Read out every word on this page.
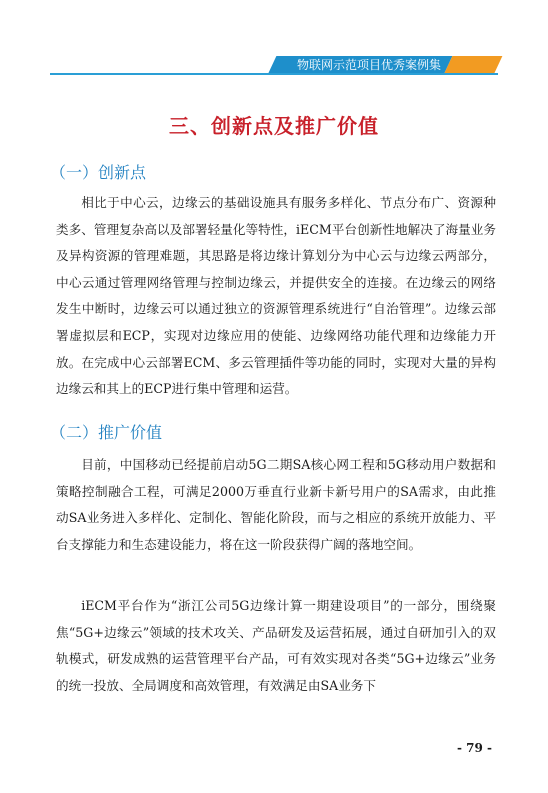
物联网示范项目优秀案例集
三、创新点及推广价值
（一）创新点

相比于中心云，边缘云的基础设施具有服务多样化、节点分布广、资源种类多、管理复杂高以及部署轻量化等特性，iECM平台创新性地解决了海量业务及异构资源的管理难题，其思路是将边缘计算划分为中心云与边缘云两部分，中心云通过管理网络管理与控制边缘云，并提供安全的连接。在边缘云的网络发生中断时，边缘云可以通过独立的资源管理系统进行“自治管理”。边缘云部署虚拟层和ECP，实现对边缘应用的使能、边缘网络功能代理和边缘能力开放。在完成中心云部署ECM、多云管理插件等功能的同时，实现对大量的异构边缘云和其上的ECP进行集中管理和运营。

（二）推广价值

目前，中国移动已经提前启动5G二期SA核心网工程和5G移动用户数据和策略控制融合工程，可满足2000万垂直行业新卡新号用户的SA需求，由此推动SA业务进入多样化、定制化、智能化阶段，而与之相应的系统开放能力、平台支撑能力和生态建设能力，将在这一阶段获得广阔的落地空间。

iECM平台作为“浙江公司5G边缘计算一期建设项目”的一部分，围绕聚焦“5G+边缘云”领域的技术攻关、产品研发及运营拓展，通过自研加引入的双轨模式，研发成熟的运营管理平台产品，可有效实现对各类“5G+边缘云”业务的统一投放、全局调度和高效管理，有效满足由SA业务下

- 79 -
